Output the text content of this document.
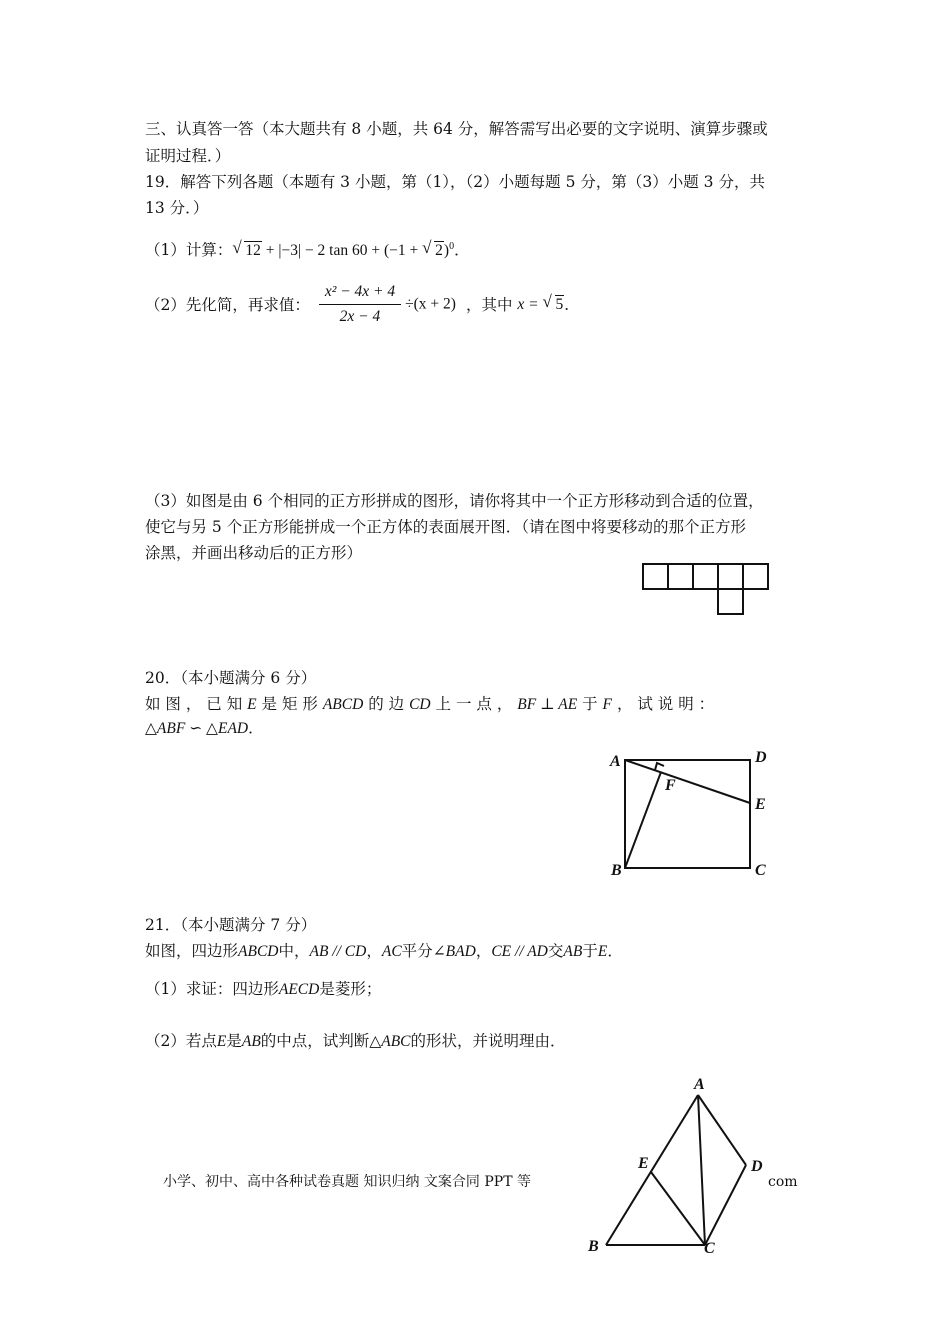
三、认真答一答（本大题共有 8 小题，共 64 分，解答需写出必要的文字说明、演算步骤或
证明过程．）
19．解答下列各题（本题有 3 小题，第（1），（2）小题每题 5 分，第（3）小题 3 分，共
13 分．）
（1）计算：√ 12 + |−3| − 2 tan 60 + (−1 + √ 2)$^0$．
（2）先化简，再求值： $\frac{\text{x² − 4x + 4}}{2x - 4} \div(x + 2)$ ，其中 x = √ 5．
（3）如图是由 6 个相同的正方形拼成的图形，请你将其中一个正方形移动到合适的位置，
使它与另 5 个正方形能拼成一个正方体的表面展开图．（请在图中将要移动的那个正方形
涂黑，并画出移动后的正方形）
20．（本小题满分 6 分）
如 图 ， 已 知 E 是 矩 形 ABCD 的 边 CD 上 一 点 ， BF ⊥ AE 于 F ， 试 说 明 ：
△ABF ∽ △EAD．
A	D
F
E
B	C
21．（本小题满分 7 分）
如图，四边形ABCD中，AB // CD，AC平分∠BAD，CE // AD交AB于E．
（1）求证：四边形AECD是菱形；
（2）若点E是AB的中点，试判断△ABC的形状，并说明理由．
A
E	D
B	C
小学、初中、高中各种试卷真题 知识归纳 文案合同 PPT 等	com
